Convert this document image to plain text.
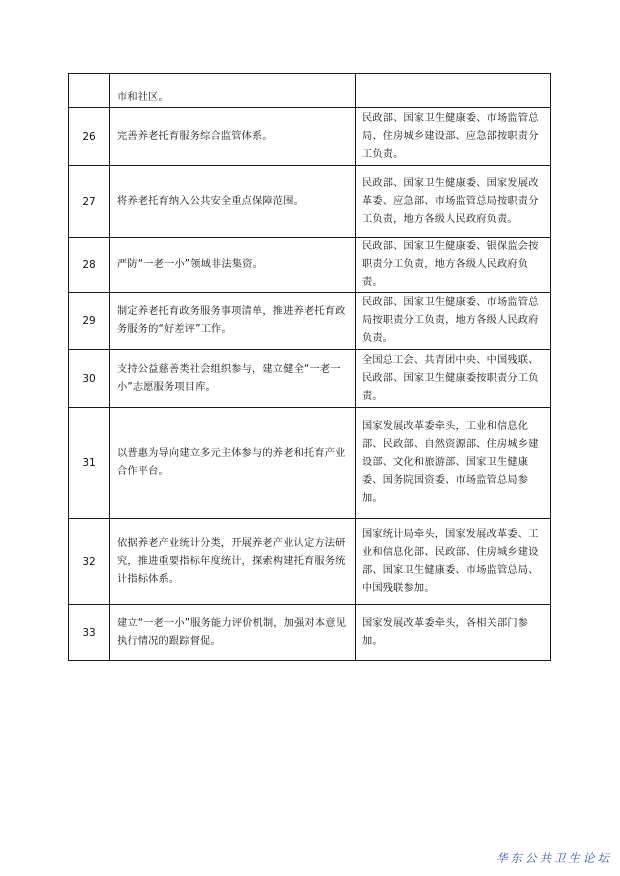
	市和社区。	

26	完善养老托育服务综合监管体系。	民政部、国家卫生健康委、市场监管总局、住房城乡建设部、应急部按职责分工负责。

27	将养老托育纳入公共安全重点保障范围。	民政部、国家卫生健康委、国家发展改革委、应急部、市场监管总局按职责分工负责，地方各级人民政府负责。

28	严防“一老一小”领域非法集资。	民政部、国家卫生健康委、银保监会按职责分工负责，地方各级人民政府负责。

29	制定养老托育政务服务事项清单，推进养老托育政务服务的“好差评”工作。	民政部、国家卫生健康委、市场监管总局按职责分工负责，地方各级人民政府负责。

30	支持公益慈善类社会组织参与，建立健全“一老一小”志愿服务项目库。	全国总工会、共青团中央、中国残联、民政部、国家卫生健康委按职责分工负责。

31	以普惠为导向建立多元主体参与的养老和托育产业合作平台。	国家发展改革委牵头，工业和信息化部、民政部、自然资源部、住房城乡建设部、文化和旅游部、国家卫生健康委、国务院国资委、市场监管总局参加。

32	依据养老产业统计分类，开展养老产业认定方法研究，推进重要指标年度统计，探索构建托育服务统计指标体系。	国家统计局牵头，国家发展改革委、工业和信息化部、民政部、住房城乡建设部、国家卫生健康委、市场监管总局、中国残联参加。

33	建立“一老一小”服务能力评价机制，加强对本意见执行情况的跟踪督促。	国家发展改革委牵头，各相关部门参加。
华东公共卫生论坛
